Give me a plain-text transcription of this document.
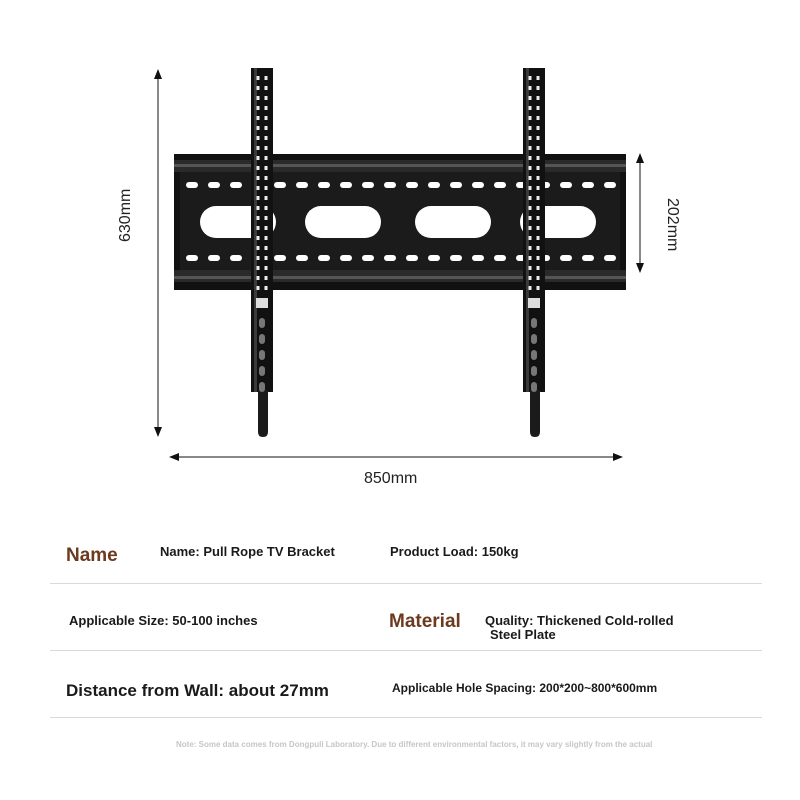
630mm	202mm
850mm
Name	Name: Pull Rope TV Bracket	Product Load: 150kg
Applicable Size: 50-100 inches	Material Quality: Thickened Cold-rolled
Steel Plate
Distance from Wall: about 27mm	Applicable Hole Spacing: 200*200~800*600mm
Note: Some data comes from Dongpuli Laboratory. Due to different environmental factors, it may vary slightly from the actual
